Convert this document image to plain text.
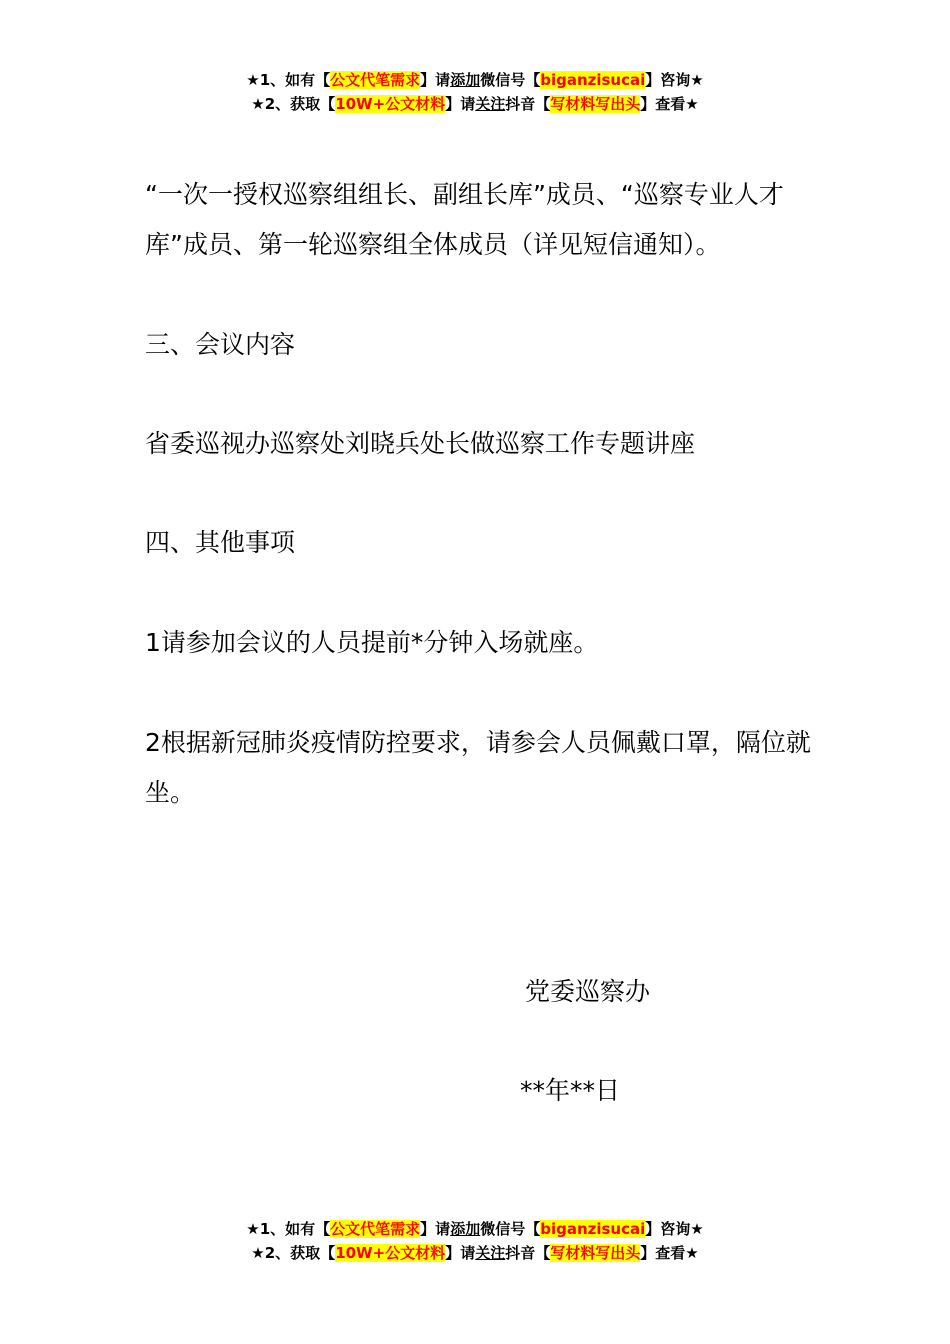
★1、如有【公文代笔需求】请添加微信号【biganzisucai】咨询★
★2、获取【10W+公文材料】请关注抖音【写材料写出头】查看★
“一次一授权巡察组组长、副组长库”成员、“巡察专业人才库”成员、第一轮巡察组全体成员（详见短信通知）。
三、会议内容
省委巡视办巡察处刘晓兵处长做巡察工作专题讲座
四、其他事项
1请参加会议的人员提前*分钟入场就座。
2根据新冠肺炎疫情防控要求，请参会人员佩戴口罩，隔位就坐。
党委巡察办
**年**日
★1、如有【公文代笔需求】请添加微信号【biganzisucai】咨询★
★2、获取【10W+公文材料】请关注抖音【写材料写出头】查看★
